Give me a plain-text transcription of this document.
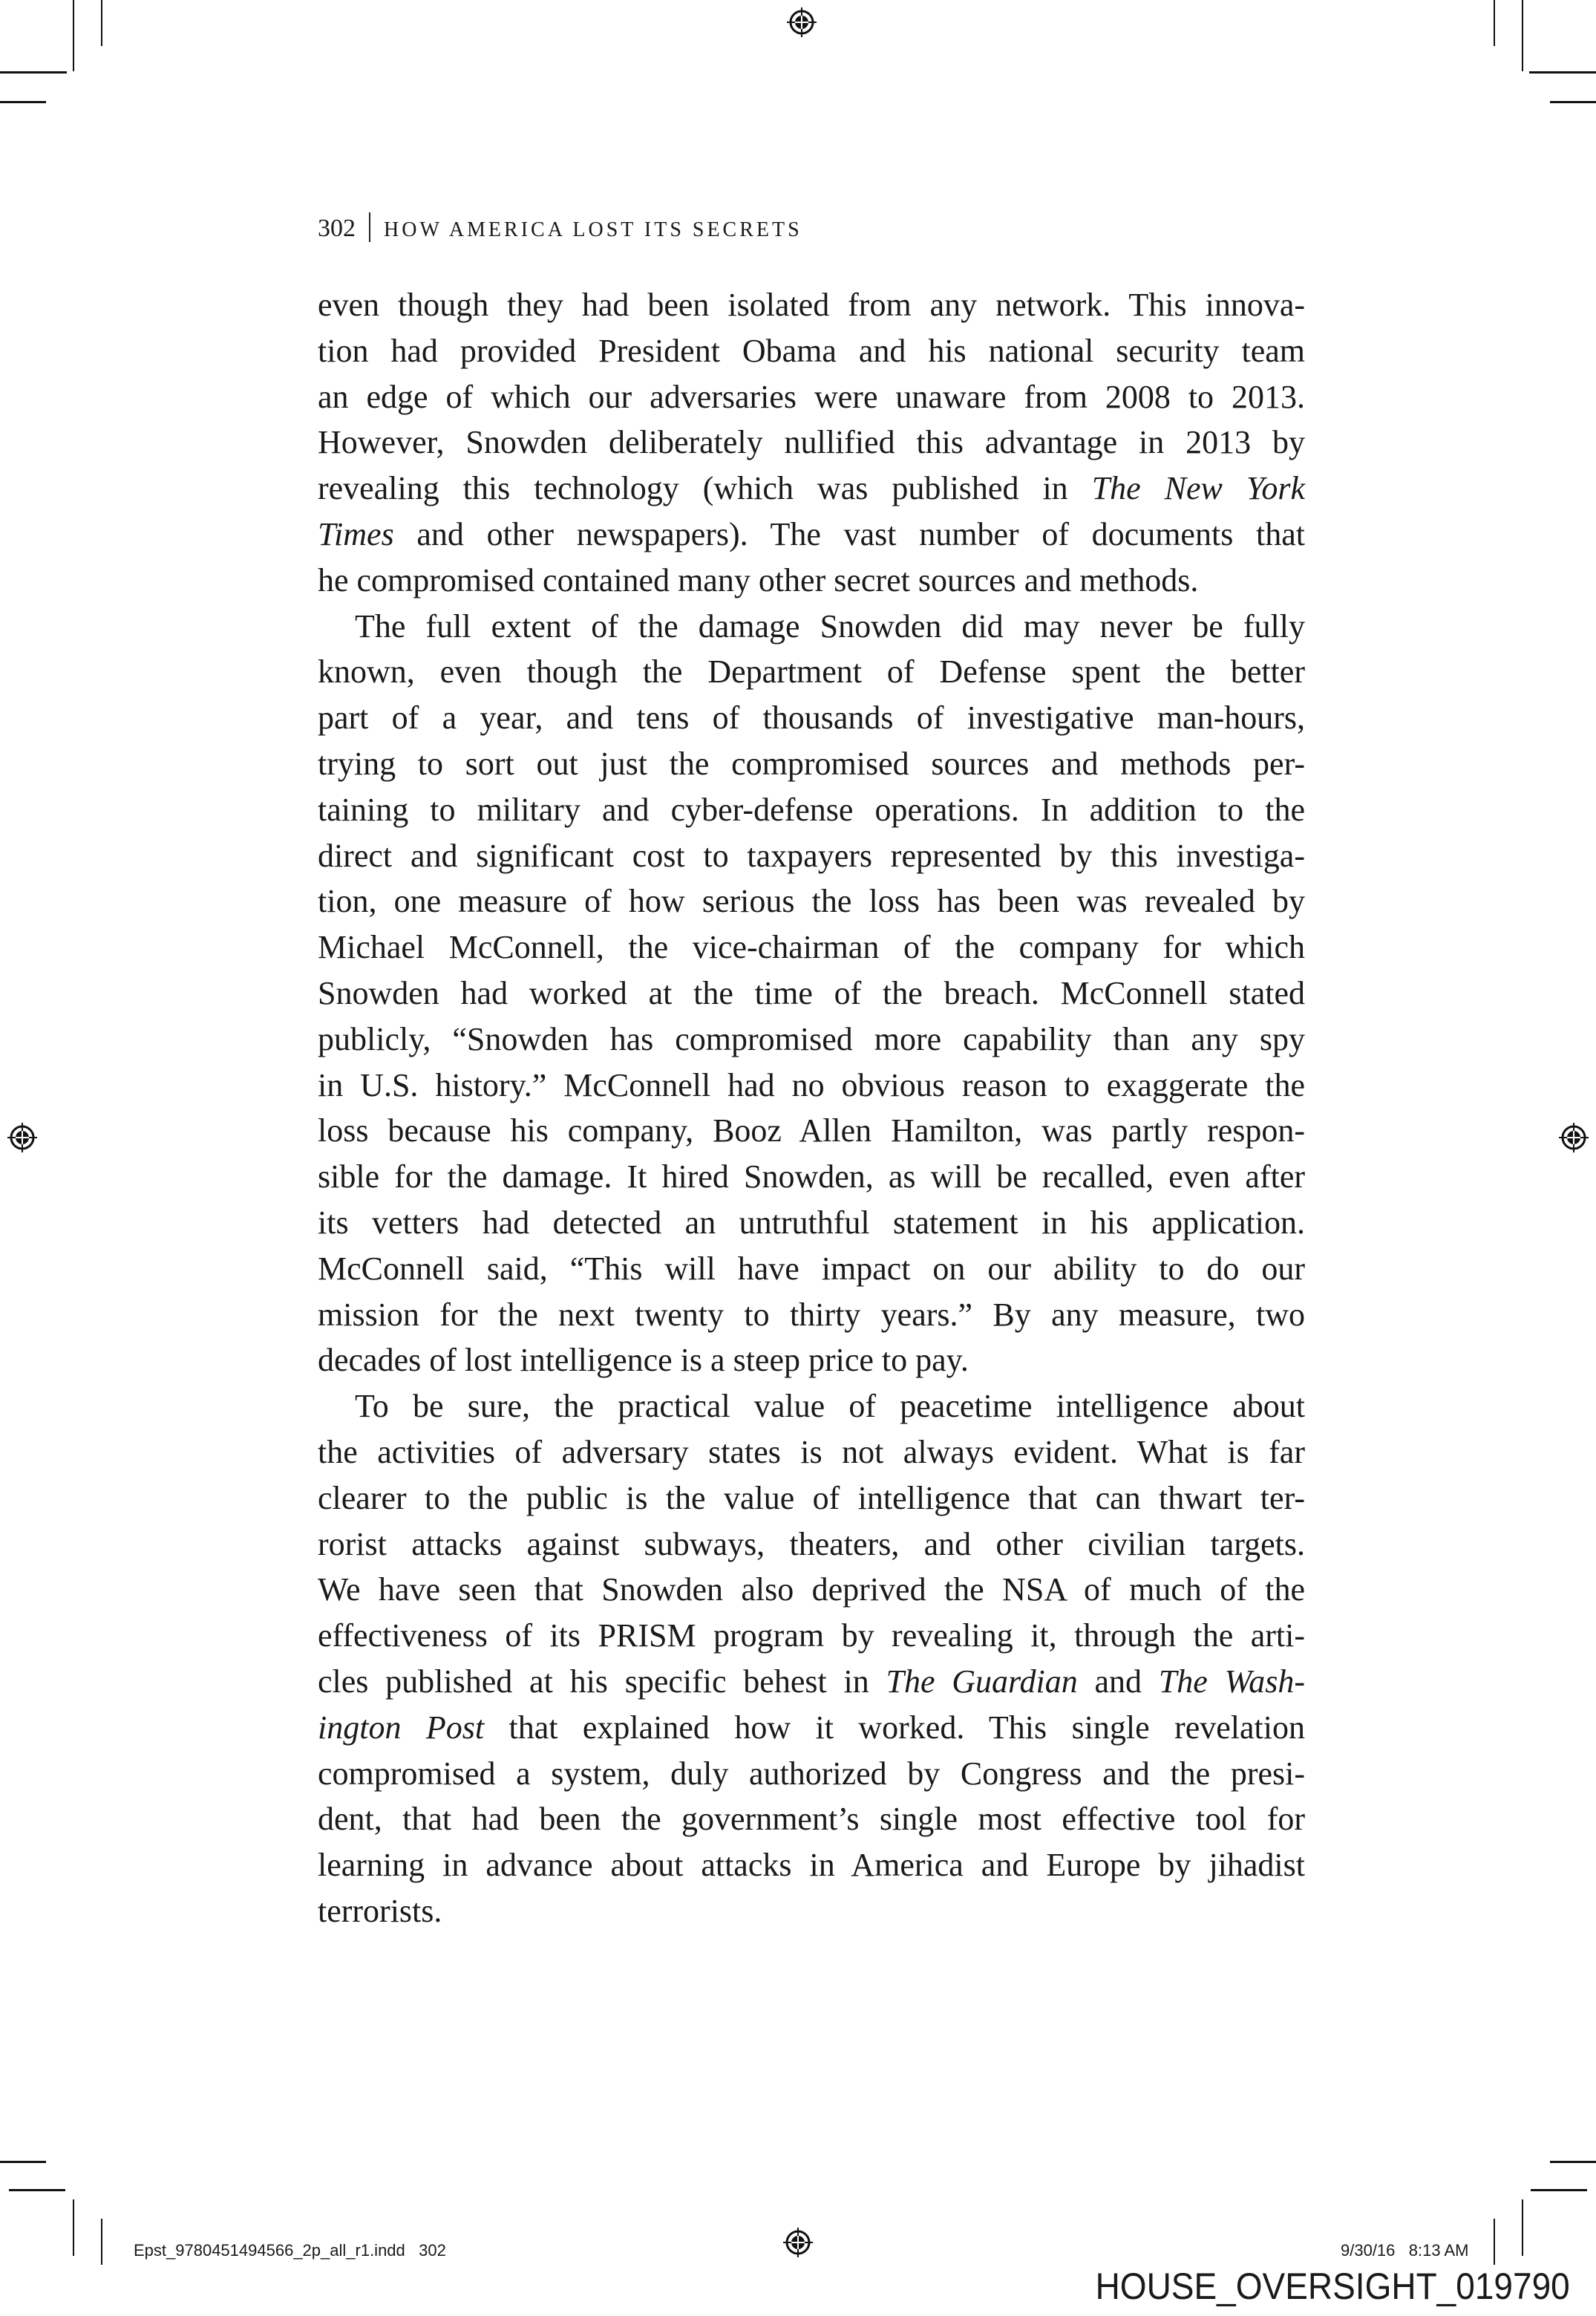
302 HOW AMERICA LOST ITS SECRETS
even though they had been isolated from any network. This innova-
tion had provided President Obama and his national security team
an edge of which our adversaries were unaware from 2008 to 2013.
However, Snowden deliberately nullified this advantage in 2013 by
revealing this technology (which was published in The New York
Times and other newspapers). The vast number of documents that
he compromised contained many other secret sources and methods.
The full extent of the damage Snowden did may never be fully
known, even though the Department of Defense spent the better
part of a year, and tens of thousands of investigative man-hours,
trying to sort out just the compromised sources and methods per-
taining to military and cyber-defense operations. In addition to the
direct and significant cost to taxpayers represented by this investiga-
tion, one measure of how serious the loss has been was revealed by
Michael McConnell, the vice-chairman of the company for which
Snowden had worked at the time of the breach. McConnell stated
publicly, “Snowden has compromised more capability than any spy
in U.S. history.” McConnell had no obvious reason to exaggerate the
loss because his company, Booz Allen Hamilton, was partly respon-
sible for the damage. It hired Snowden, as will be recalled, even after
its vetters had detected an untruthful statement in his application.
McConnell said, “This will have impact on our ability to do our
mission for the next twenty to thirty years.” By any measure, two
decades of lost intelligence is a steep price to pay.
To be sure, the practical value of peacetime intelligence about
the activities of adversary states is not always evident. What is far
clearer to the public is the value of intelligence that can thwart ter-
rorist attacks against subways, theaters, and other civilian targets.
We have seen that Snowden also deprived the NSA of much of the
effectiveness of its PRISM program by revealing it, through the arti-
cles published at his specific behest in The Guardian and The Wash-
ington Post that explained how it worked. This single revelation
compromised a system, duly authorized by Congress and the presi-
dent, that had been the government’s single most effective tool for
learning in advance about attacks in America and Europe by jihadist
terrorists.
Epst_9780451494566_2p_all_r1.indd   302	9/30/16   8:13 AM
HOUSE_OVERSIGHT_019790
